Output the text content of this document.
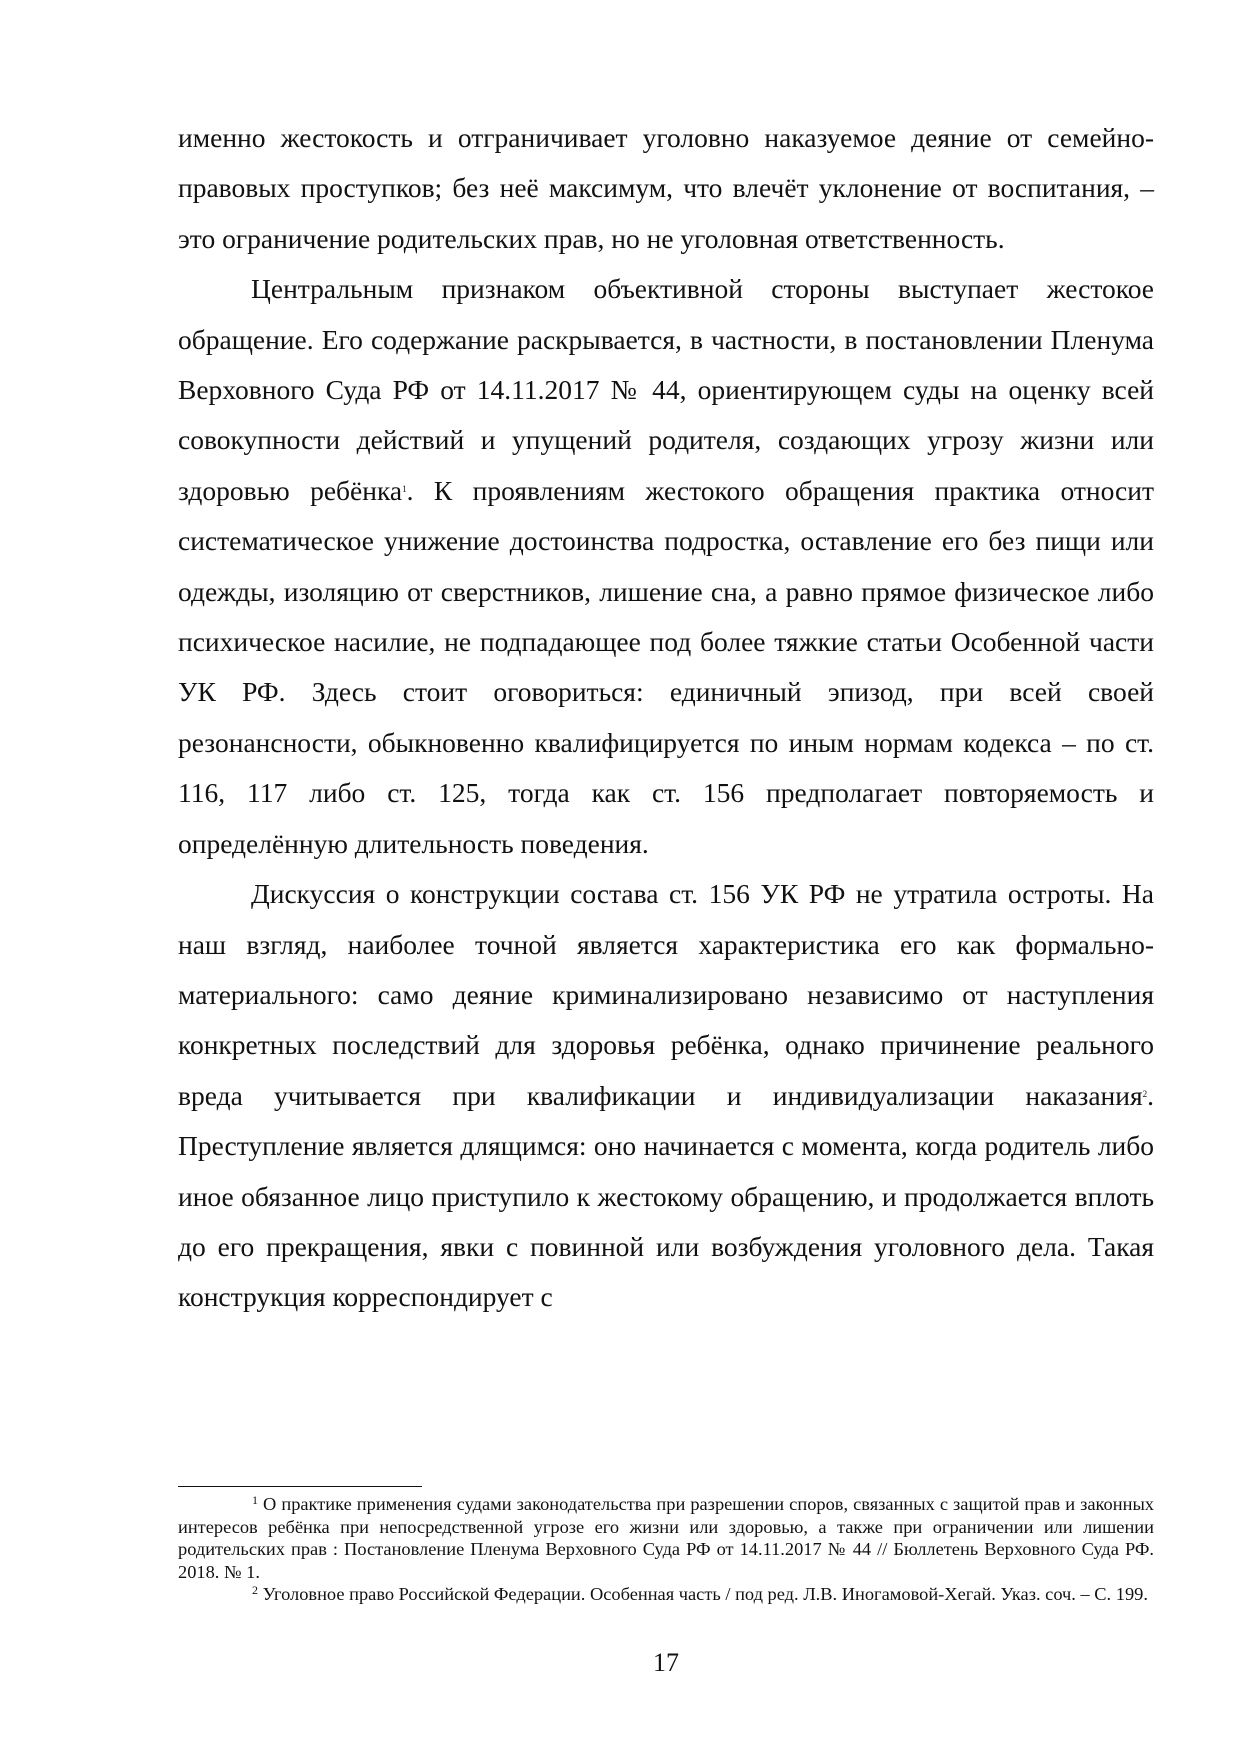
именно жестокость и отграничивает уголовно наказуемое деяние от семейно-правовых проступков; без неё максимум, что влечёт уклонение от воспитания, – это ограничение родительских прав, но не уголовная ответственность.

Центральным признаком объективной стороны выступает жестокое обращение. Его содержание раскрывается, в частности, в постановлении Пленума Верховного Суда РФ от 14.11.2017 № 44, ориентирующем суды на оценку всей совокупности действий и упущений родителя, создающих угрозу жизни или здоровью ребёнка$^1$. К проявлениям жестокого обращения практика относит систематическое унижение достоинства подростка, оставление его без пищи или одежды, изоляцию от сверстников, лишение сна, а равно прямое физическое либо психическое насилие, не подпадающее под более тяжкие статьи Особенной части УК РФ. Здесь стоит оговориться: единичный эпизод, при всей своей резонансности, обыкновенно квалифицируется по иным нормам кодекса – по ст. 116, 117 либо ст. 125, тогда как ст. 156 предполагает повторяемость и определённую длительность поведения.

Дискуссия о конструкции состава ст. 156 УК РФ не утратила остроты. На наш взгляд, наиболее точной является характеристика его как формально-материального: само деяние криминализировано независимо от наступления конкретных последствий для здоровья ребёнка, однако причинение реального вреда учитывается при квалификации и индивидуализации наказания$^2$. Преступление является длящимся: оно начинается с момента, когда родитель либо иное обязанное лицо приступило к жестокому обращению, и продолжается вплоть до его прекращения, явки с повинной или возбуждения уголовного дела. Такая конструкция корреспондирует с

$^1$ О практике применения судами законодательства при разрешении споров, связанных с защитой прав и законных интересов ребёнка при непосредственной угрозе его жизни или здоровью, а также при ограничении или лишении родительских прав : Постановление Пленума Верховного Суда РФ от 14.11.2017 № 44 // Бюллетень Верховного Суда РФ. 2018. № 1.

$^2$ Уголовное право Российской Федерации. Особенная часть / под ред. Л.В. Иногамовой-Хегай. Указ. соч. – С. 199.

17
